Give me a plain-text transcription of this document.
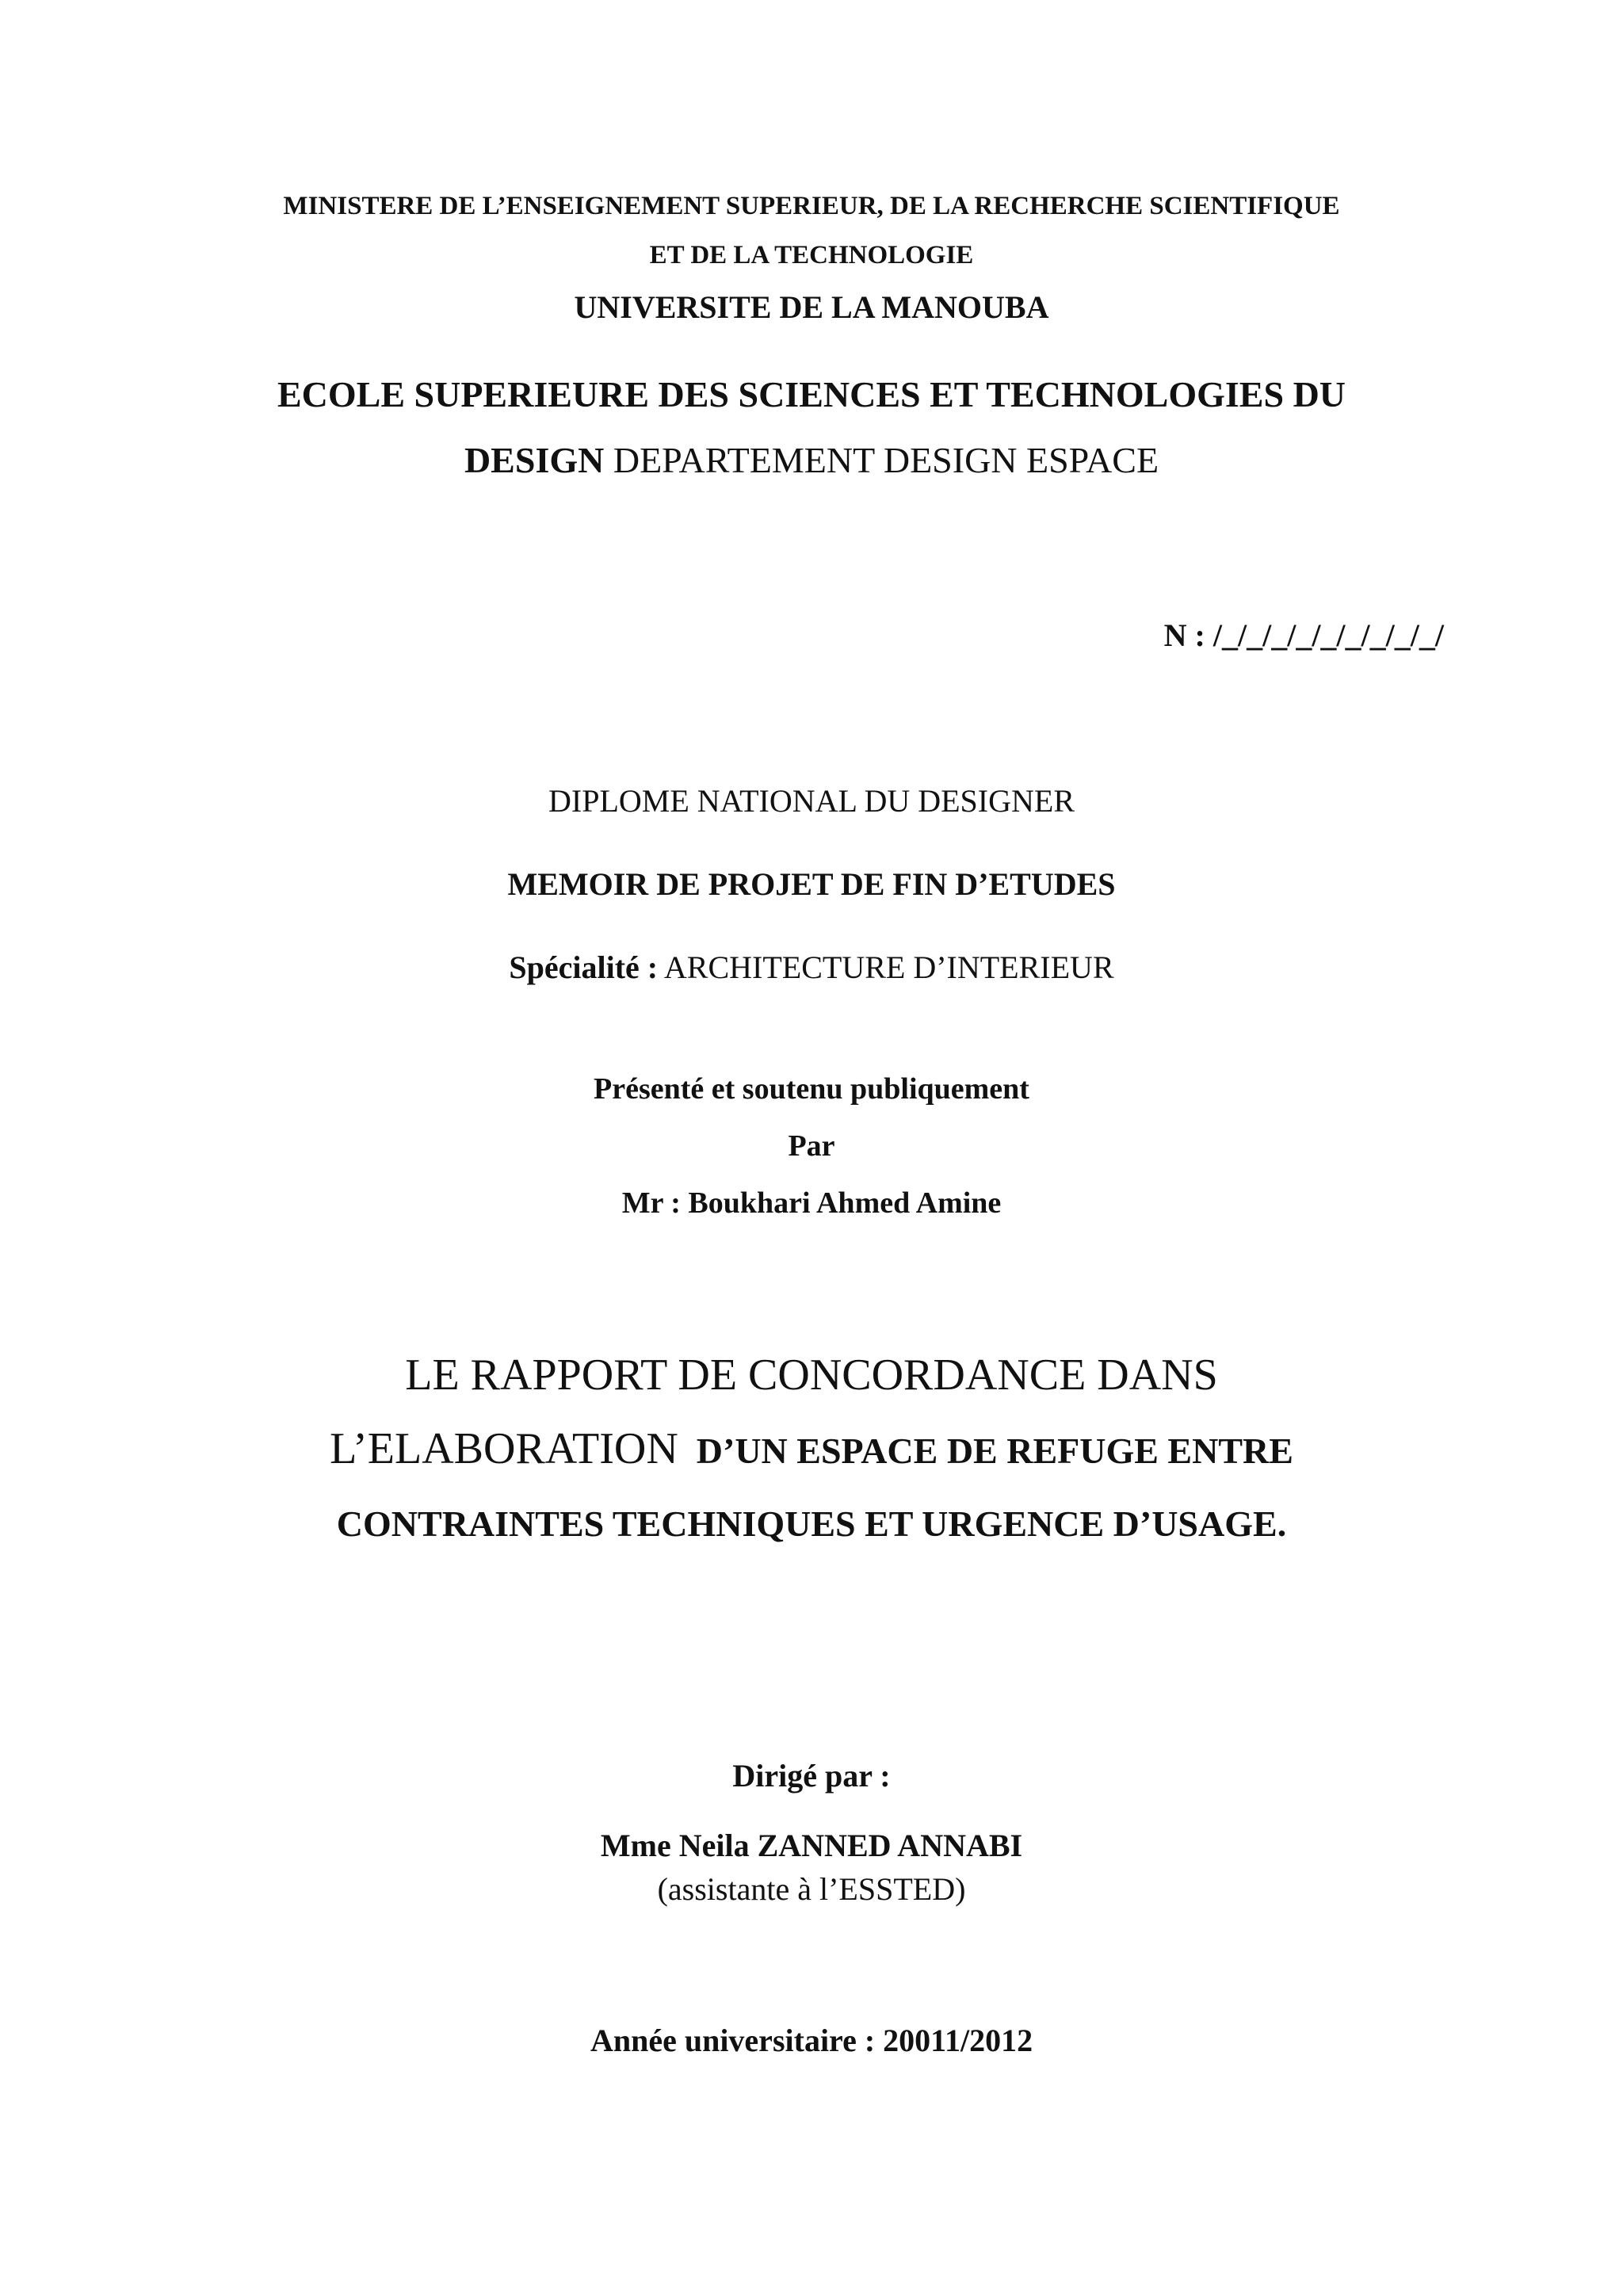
MINISTERE DE L’ENSEIGNEMENT SUPERIEUR, DE LA RECHERCHE SCIENTIFIQUE
ET DE LA TECHNOLOGIE
UNIVERSITE DE LA MANOUBA
ECOLE SUPERIEURE DES SCIENCES ET TECHNOLOGIES DU
DESIGN DEPARTEMENT DESIGN ESPACE
N : /_/_/_/_/_/_/_/_/_/
DIPLOME NATIONAL DU DESIGNER
MEMOIR DE PROJET DE FIN D’ETUDES
Spécialité : ARCHITECTURE D’INTERIEUR
Présenté et soutenu publiquement
Par
Mr : Boukhari Ahmed Amine
LE RAPPORT DE CONCORDANCE DANS
L’ELABORATION  D’UN ESPACE DE REFUGE ENTRE
CONTRAINTES TECHNIQUES ET URGENCE D’USAGE.
Dirigé par :
Mme Neila ZANNED ANNABI
(assistante à l’ESSTED)
Année universitaire : 20011/2012
